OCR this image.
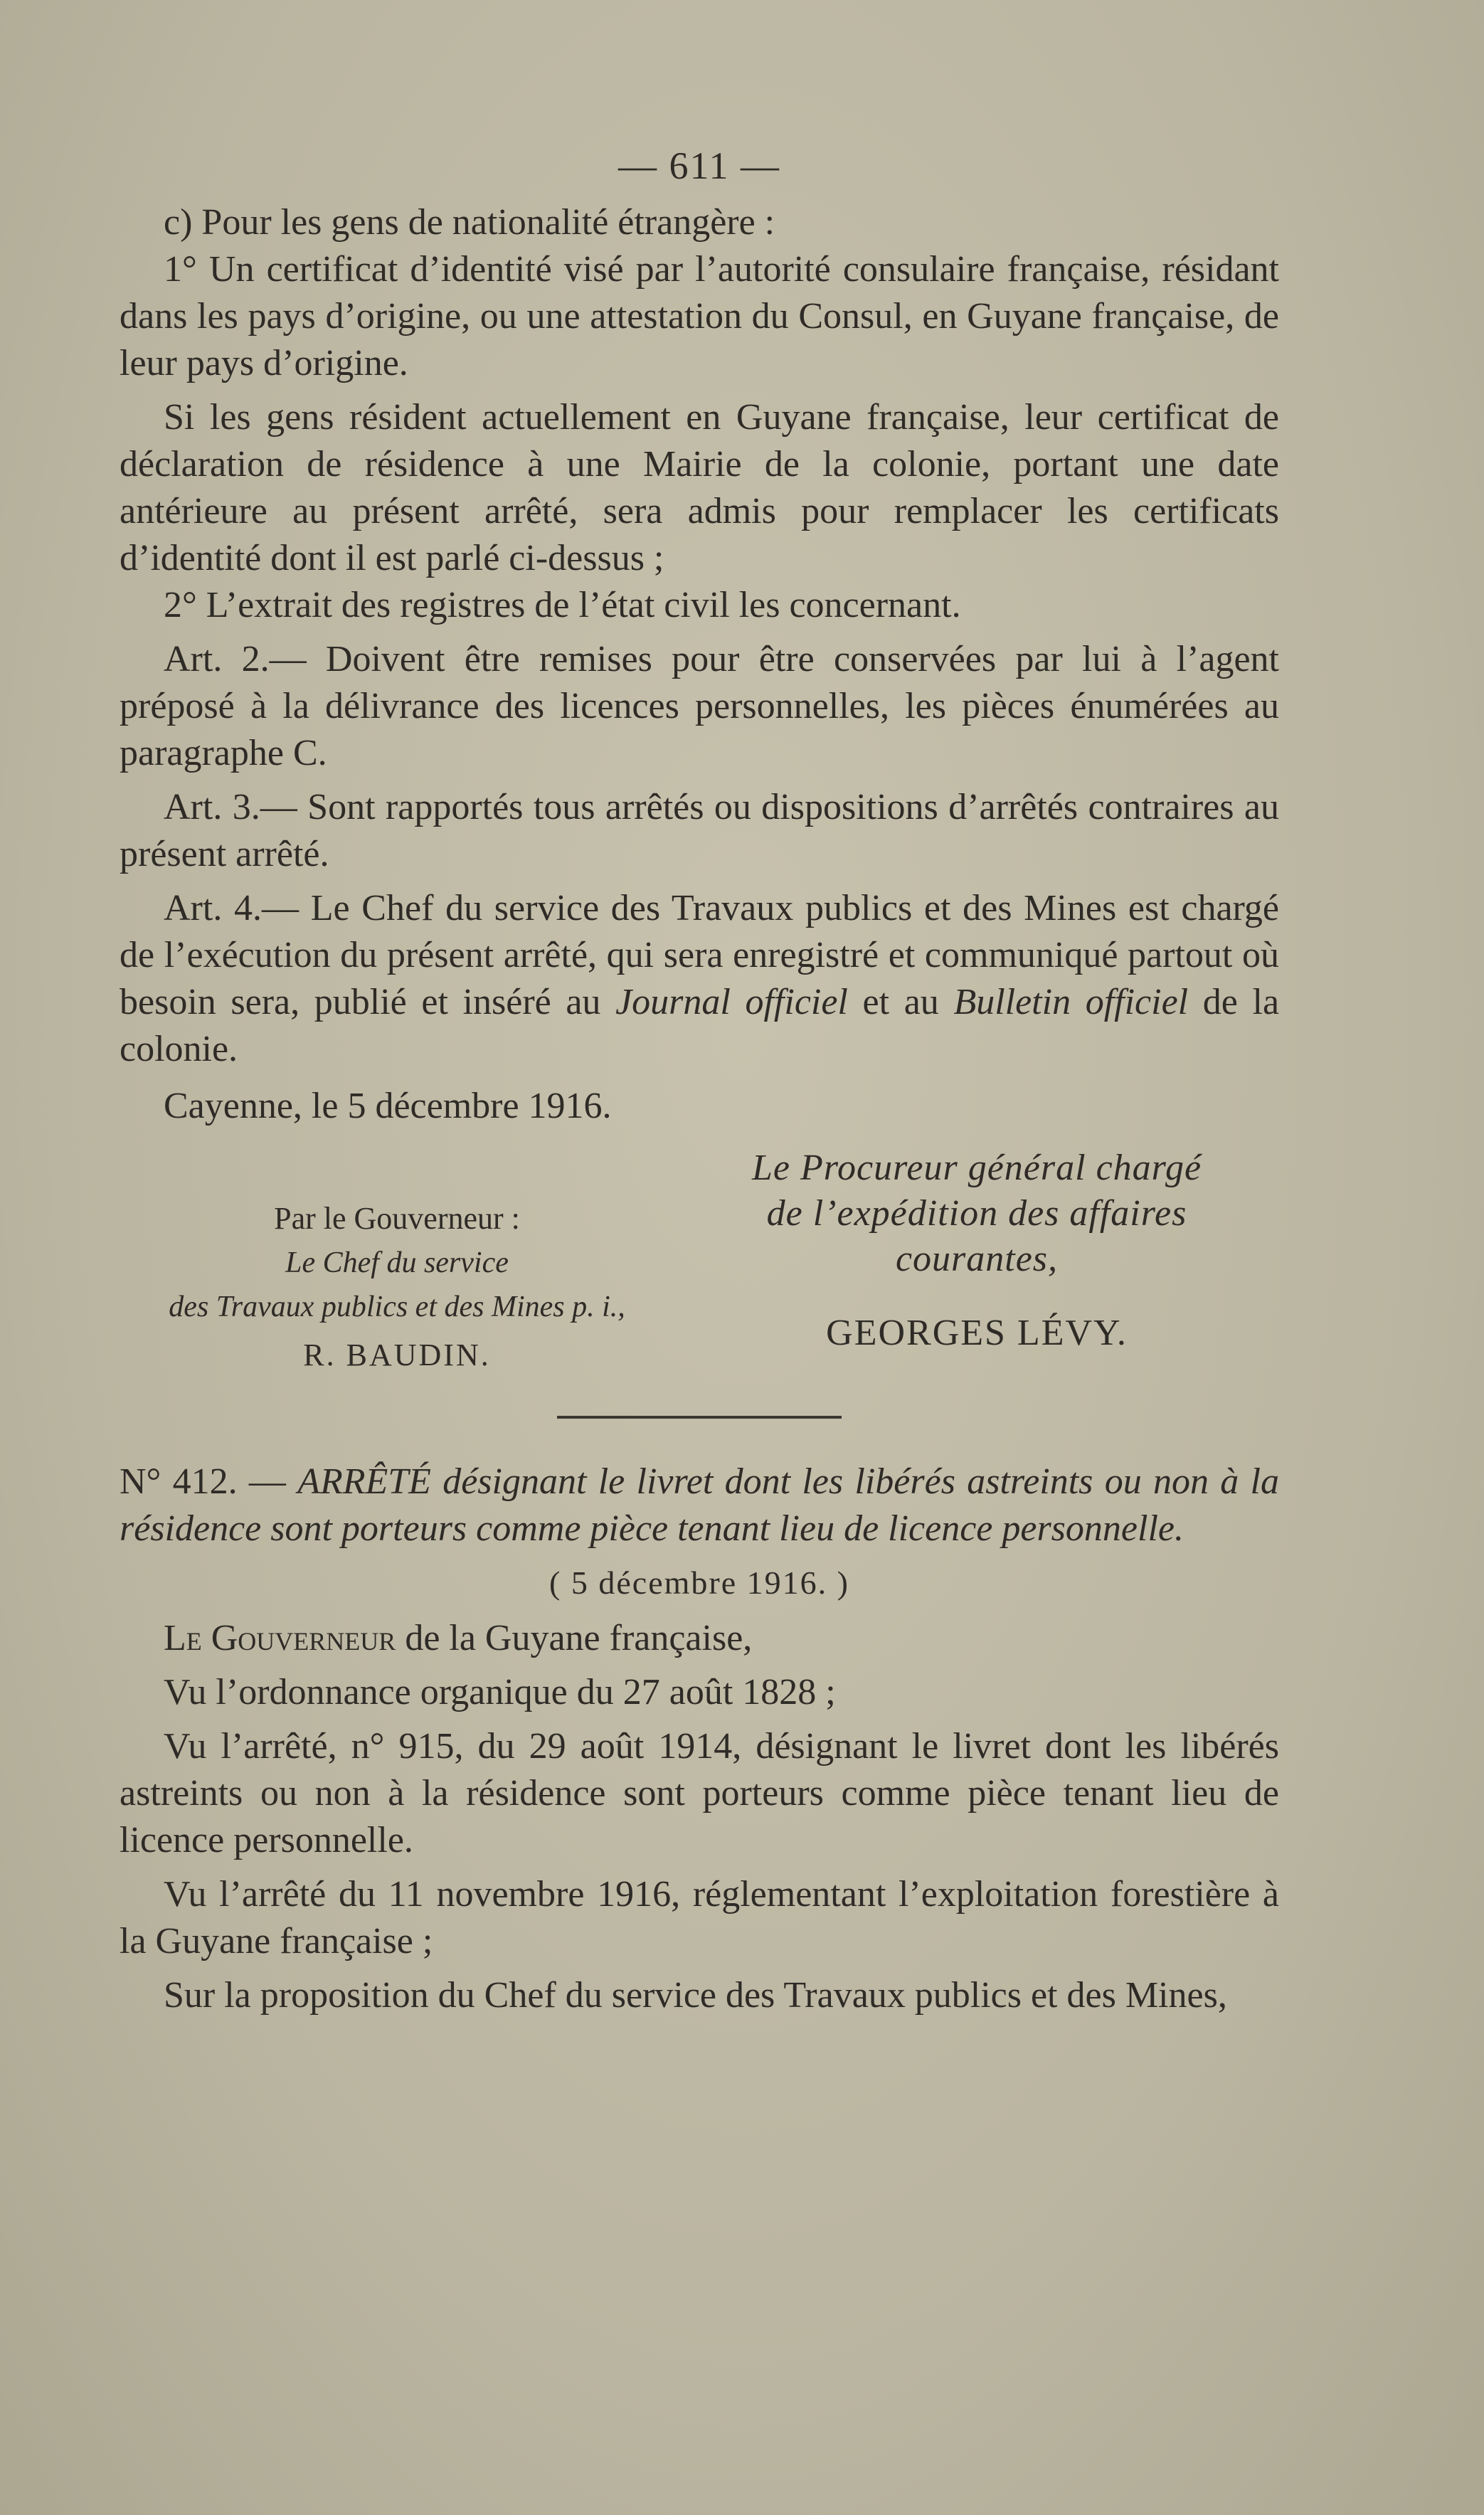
— 611 —

c) Pour les gens de nationalité étrangère :

1° Un certificat d’identité visé par l’autorité consulaire française, résidant dans les pays d’origine, ou une attestation du Consul, en Guyane française, de leur pays d’origine.

Si les gens résident actuellement en Guyane française, leur certificat de déclaration de résidence à une Mairie de la colonie, portant une date antérieure au présent arrêté, sera admis pour remplacer les certificats d’identité dont il est parlé ci-dessus ;

2° L’extrait des registres de l’état civil les concernant.

Art. 2.— Doivent être remises pour être conservées par lui à l’agent préposé à la délivrance des licences personnelles, les pièces énumérées au paragraphe C.

Art. 3.— Sont rapportés tous arrêtés ou dispositions d’arrêtés contraires au présent arrêté.

Art. 4.— Le Chef du service des Travaux publics et des Mines est chargé de l’exécution du présent arrêté, qui sera enregistré et communiqué partout où besoin sera, publié et inséré au Journal officiel et au Bulletin officiel de la colonie.

Cayenne, le 5 décembre 1916.

Par le Gouverneur :
Le Chef du service
des Travaux publics et des Mines p. i.,
R. BAUDIN.
Le Procureur général chargé
de l’expédition des affaires
courantes,
GEORGES LÉVY.

N° 412. — ARRÊTÉ désignant le livret dont les libérés astreints ou non à la résidence sont porteurs comme pièce tenant lieu de licence personnelle.

( 5 décembre 1916. )

Le Gouverneur de la Guyane française,

Vu l’ordonnance organique du 27 août 1828 ;

Vu l’arrêté, n° 915, du 29 août 1914, désignant le livret dont les libérés astreints ou non à la résidence sont porteurs comme pièce tenant lieu de licence personnelle.

Vu l’arrêté du 11 novembre 1916, réglementant l’exploitation forestière à la Guyane française ;

Sur la proposition du Chef du service des Travaux publics et des Mines,
